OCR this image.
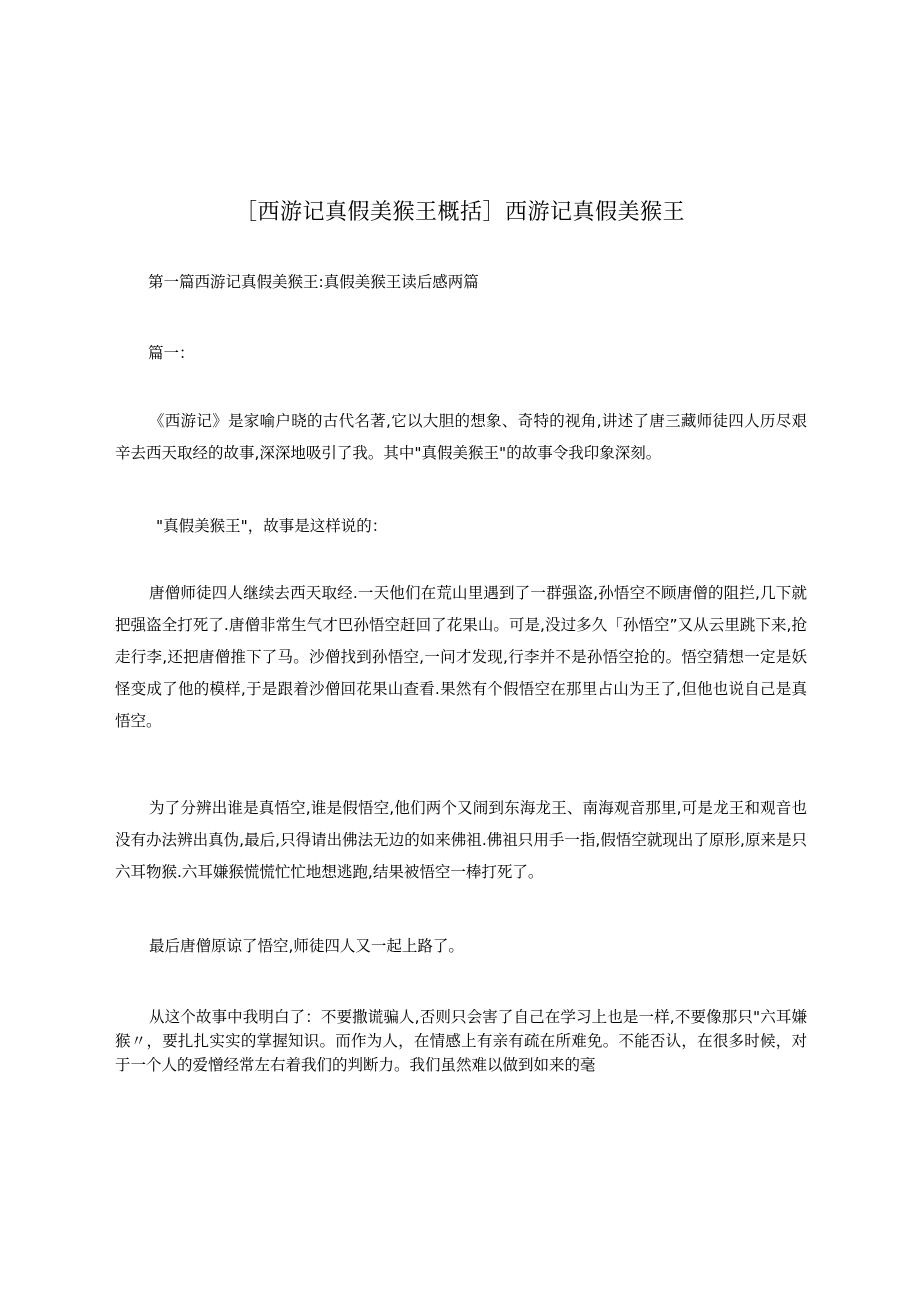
［西游记真假美猴王概括］西游记真假美猴王
第一篇西游记真假美猴王:真假美猴王读后感两篇
篇一：

《西游记》是家喻户晓的古代名著,它以大胆的想象、奇特的视角,讲述了唐三藏师徒四人历尽艰辛去西天取经的故事,深深地吸引了我。其中"真假美猴王"的故事令我印象深刻。

"真假美猴王"，故事是这样说的：

唐僧师徒四人继续去西天取经.一天他们在荒山里遇到了一群强盗,孙悟空不顾唐僧的阻拦,几下就把强盗全打死了.唐僧非常生气才巴孙悟空赶回了花果山。可是,没过多久「孙悟空”又从云里跳下来,抢走行李,还把唐僧推下了马。沙僧找到孙悟空,一问才发现,行李并不是孙悟空抢的。悟空猜想一定是妖怪变成了他的模样,于是跟着沙僧回花果山查看.果然有个假悟空在那里占山为王了,但他也说自己是真悟空。

为了分辨出谁是真悟空,谁是假悟空,他们两个又闹到东海龙王、南海观音那里,可是龙王和观音也没有办法辨出真伪,最后,只得请出佛法无边的如来佛祖.佛祖只用手一指,假悟空就现出了原形,原来是只六耳物猴.六耳嫌猴慌慌忙忙地想逃跑,结果被悟空一棒打死了。

最后唐僧原谅了悟空,师徒四人又一起上路了。

从这个故事中我明白了：不要撒谎骗人,否则只会害了自己在学习上也是一样,不要像那只"六耳嫌猴〃，要扎扎实实的掌握知识。而作为人，在情感上有亲有疏在所难免。不能否认，在很多时候，对于一个人的爱憎经常左右着我们的判断力。我们虽然难以做到如来的毫
